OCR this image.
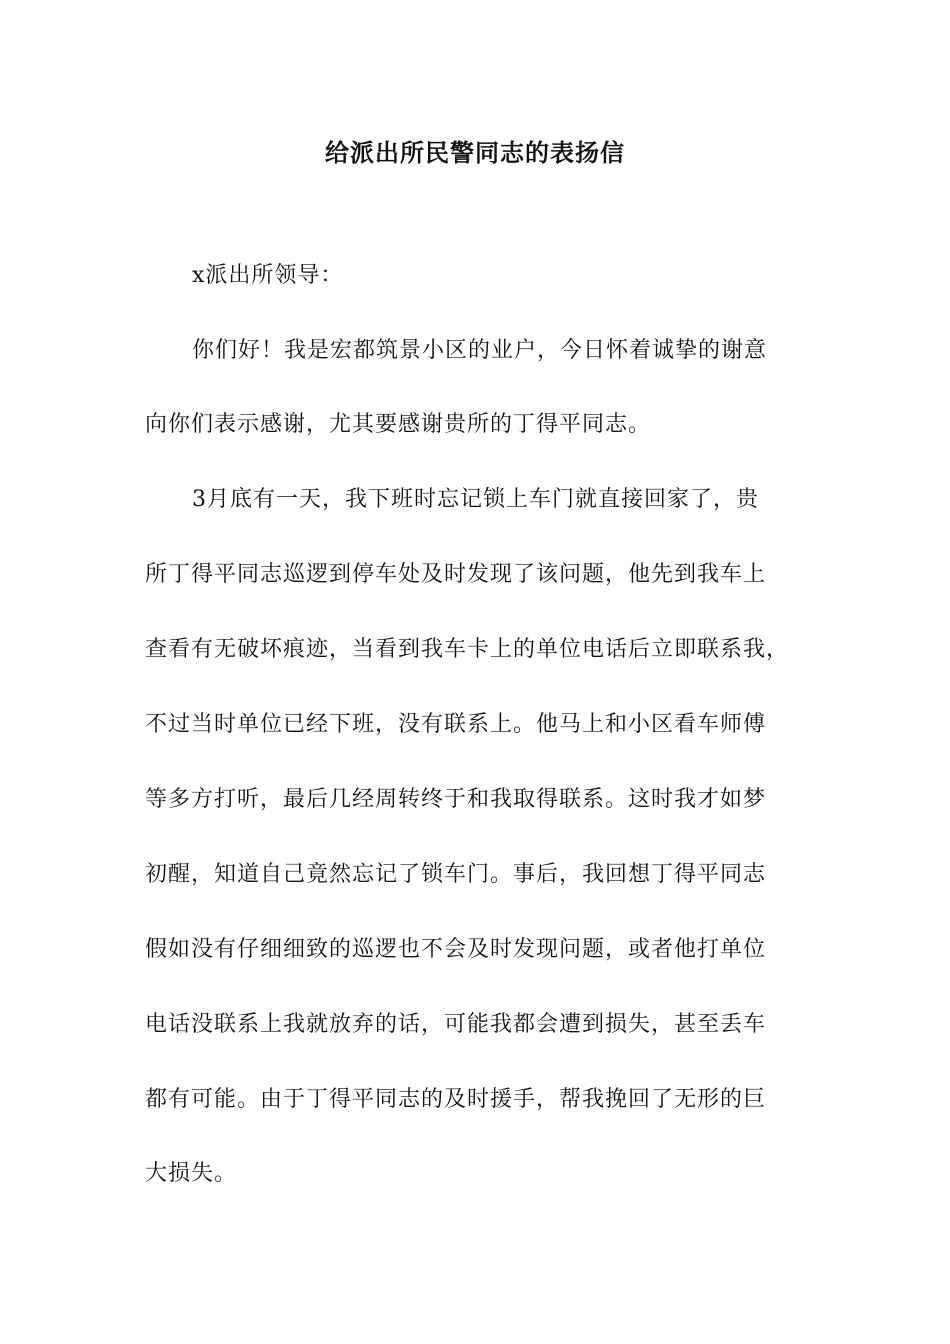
给派出所民警同志的表扬信
x派出所领导：
你们好！我是宏都筑景小区的业户，今日怀着诚挚的谢意
向你们表示感谢，尤其要感谢贵所的丁得平同志。
3月底有一天，我下班时忘记锁上车门就直接回家了，贵
所丁得平同志巡逻到停车处及时发现了该问题，他先到我车上
查看有无破坏痕迹，当看到我车卡上的单位电话后立即联系我，
不过当时单位已经下班，没有联系上。他马上和小区看车师傅
等多方打听，最后几经周转终于和我取得联系。这时我才如梦
初醒，知道自己竟然忘记了锁车门。事后，我回想丁得平同志
假如没有仔细细致的巡逻也不会及时发现问题，或者他打单位
电话没联系上我就放弃的话，可能我都会遭到损失，甚至丢车
都有可能。由于丁得平同志的及时援手，帮我挽回了无形的巨
大损失。
